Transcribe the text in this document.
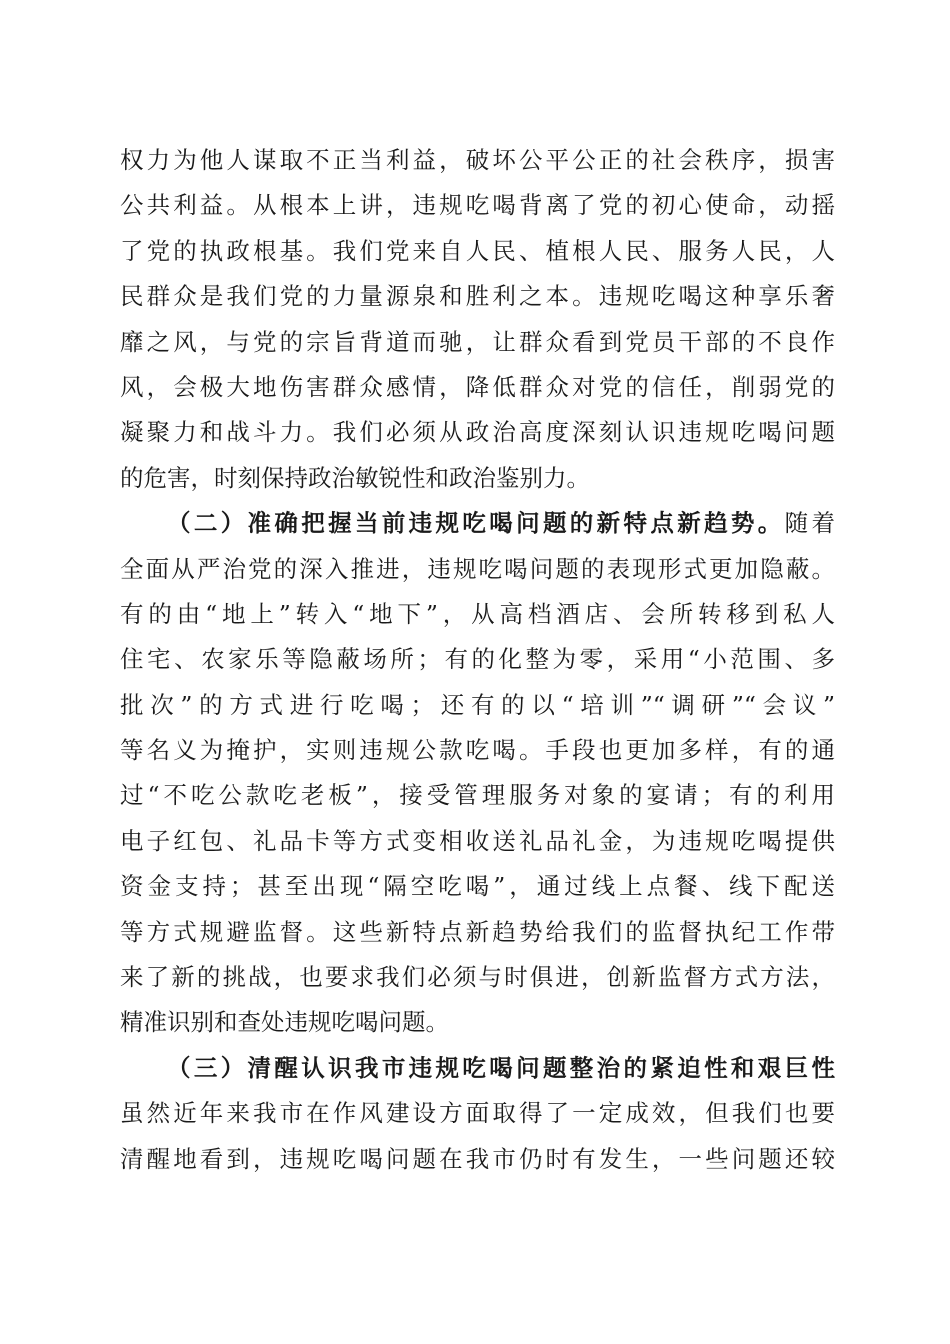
权力为他人谋取不正当利益，破坏公平公正的社会秩序，损害
公共利益。从根本上讲，违规吃喝背离了党的初心使命，动摇
了党的执政根基。我们党来自人民、植根人民、服务人民，人
民群众是我们党的力量源泉和胜利之本。违规吃喝这种享乐奢
靡之风，与党的宗旨背道而驰，让群众看到党员干部的不良作
风，会极大地伤害群众感情，降低群众对党的信任，削弱党的
凝聚力和战斗力。我们必须从政治高度深刻认识违规吃喝问题
的危害，时刻保持政治敏锐性和政治鉴别力。
（二）准确把握当前违规吃喝问题的新特点新趋势。随着
全面从严治党的深入推进，违规吃喝问题的表现形式更加隐蔽。
有的由“地上”转入“地下”，从高档酒店、会所转移到私人
住宅、农家乐等隐蔽场所；有的化整为零，采用“小范围、多
批次”的方式进行吃喝；还有的以“培训”“调研”“会议”
等名义为掩护，实则违规公款吃喝。手段也更加多样，有的通
过“不吃公款吃老板”，接受管理服务对象的宴请；有的利用
电子红包、礼品卡等方式变相收送礼品礼金，为违规吃喝提供
资金支持；甚至出现“隔空吃喝”，通过线上点餐、线下配送
等方式规避监督。这些新特点新趋势给我们的监督执纪工作带
来了新的挑战，也要求我们必须与时俱进，创新监督方式方法，
精准识别和查处违规吃喝问题。
（三）清醒认识我市违规吃喝问题整治的紧迫性和艰巨性
虽然近年来我市在作风建设方面取得了一定成效，但我们也要
清醒地看到，违规吃喝问题在我市仍时有发生，一些问题还较
